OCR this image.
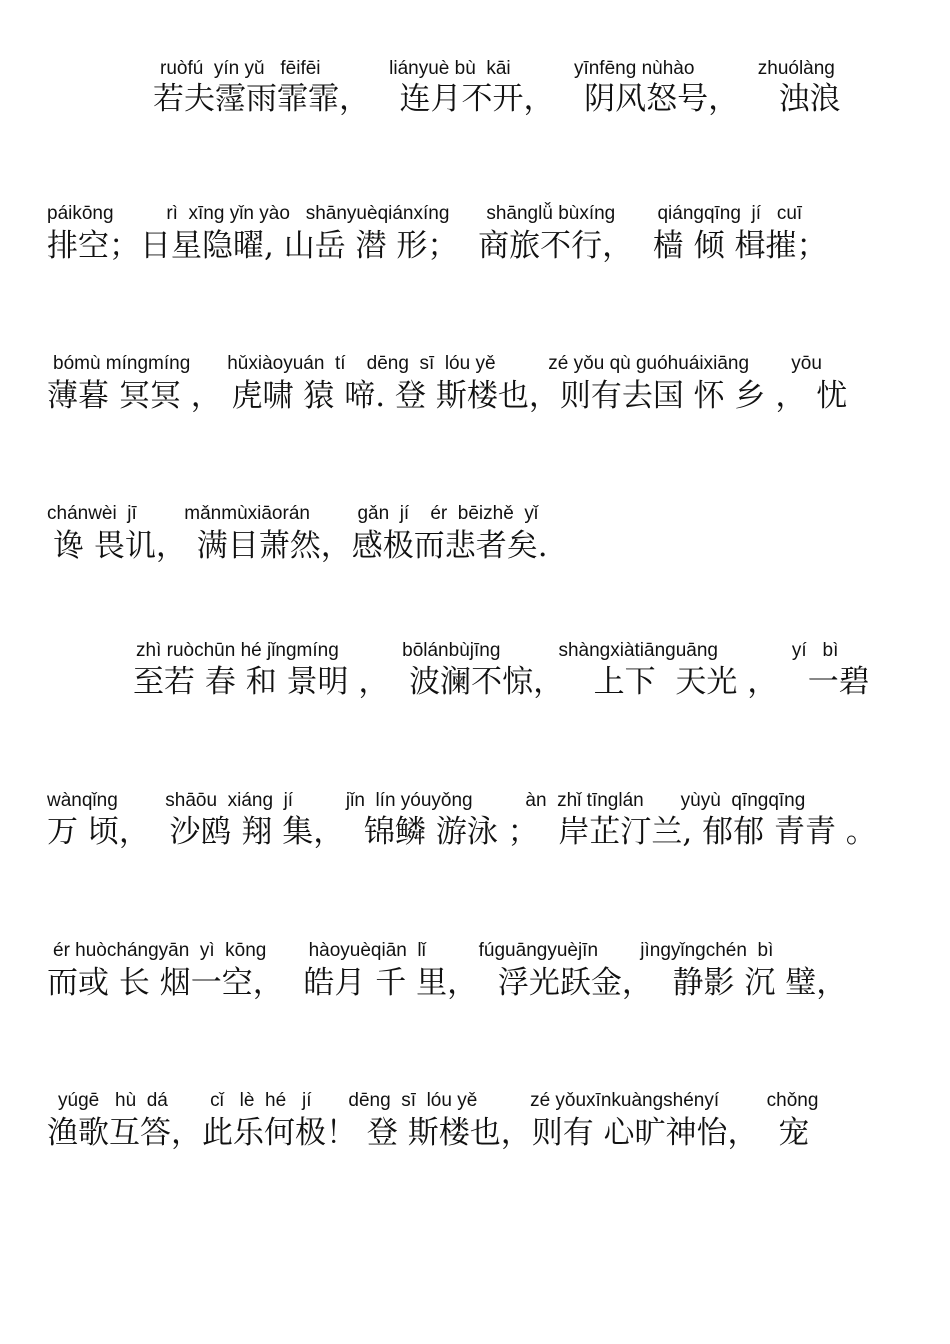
ruòfú  yín yǔ   fēifēi             liányuè bù  kāi            yīnfēng nùhào            zhuólàng

若夫霪雨霏霏，   连月不开，   阴风怒号，    浊浪

páikōng          rì  xīng yǐn yào   shānyuèqiánxíng       shānglǚ bùxíng        qiángqīng  jí   cuī

排空；日星隐曜, 山岳 潜 形；  商旅不行，  樯 倾 楫摧；

bómù míngmíng       hǔxiàoyuán  tí    dēng  sī  lóu yě          zé yǒu qù guóhuáixiāng        yōu

薄暮 冥冥 ， 虎啸 猿 啼. 登 斯楼也，则有去国 怀 乡 ， 忧

chánwèi  jī         mǎnmùxiāorán         gǎn  jí    ér  bēizhě  yǐ

谗 畏讥， 满目萧然，感极而悲者矣.

zhì ruòchūn hé jǐngmíng            bōlánbùjīng           shàngxiàtiānguāng              yí   bì

至若 春 和 景明 ，  波澜不惊，   上下  天光 ，   一碧

wànqǐng         shāōu  xiáng  jí          jǐn  lín yóuyǒng          àn  zhǐ tīnglán       yùyù  qīngqīng

万 顷，  沙鸥 翔 集，  锦鳞 游泳 ；  岸芷汀兰, 郁郁 青青 。

ér huòchángyān  yì  kōng        hàoyuèqiān  lǐ          fúguāngyuèjīn        jìngyǐngchén  bì

而或 长 烟一空，  皓月 千 里，  浮光跃金，  静影 沉 璧，

yúgē   hù  dá        cǐ   lè  hé   jí       dēng  sī  lóu yě          zé yǒuxīnkuàngshényí         chǒng

渔歌互答，此乐何极！ 登 斯楼也，则有 心旷神怡，  宠
